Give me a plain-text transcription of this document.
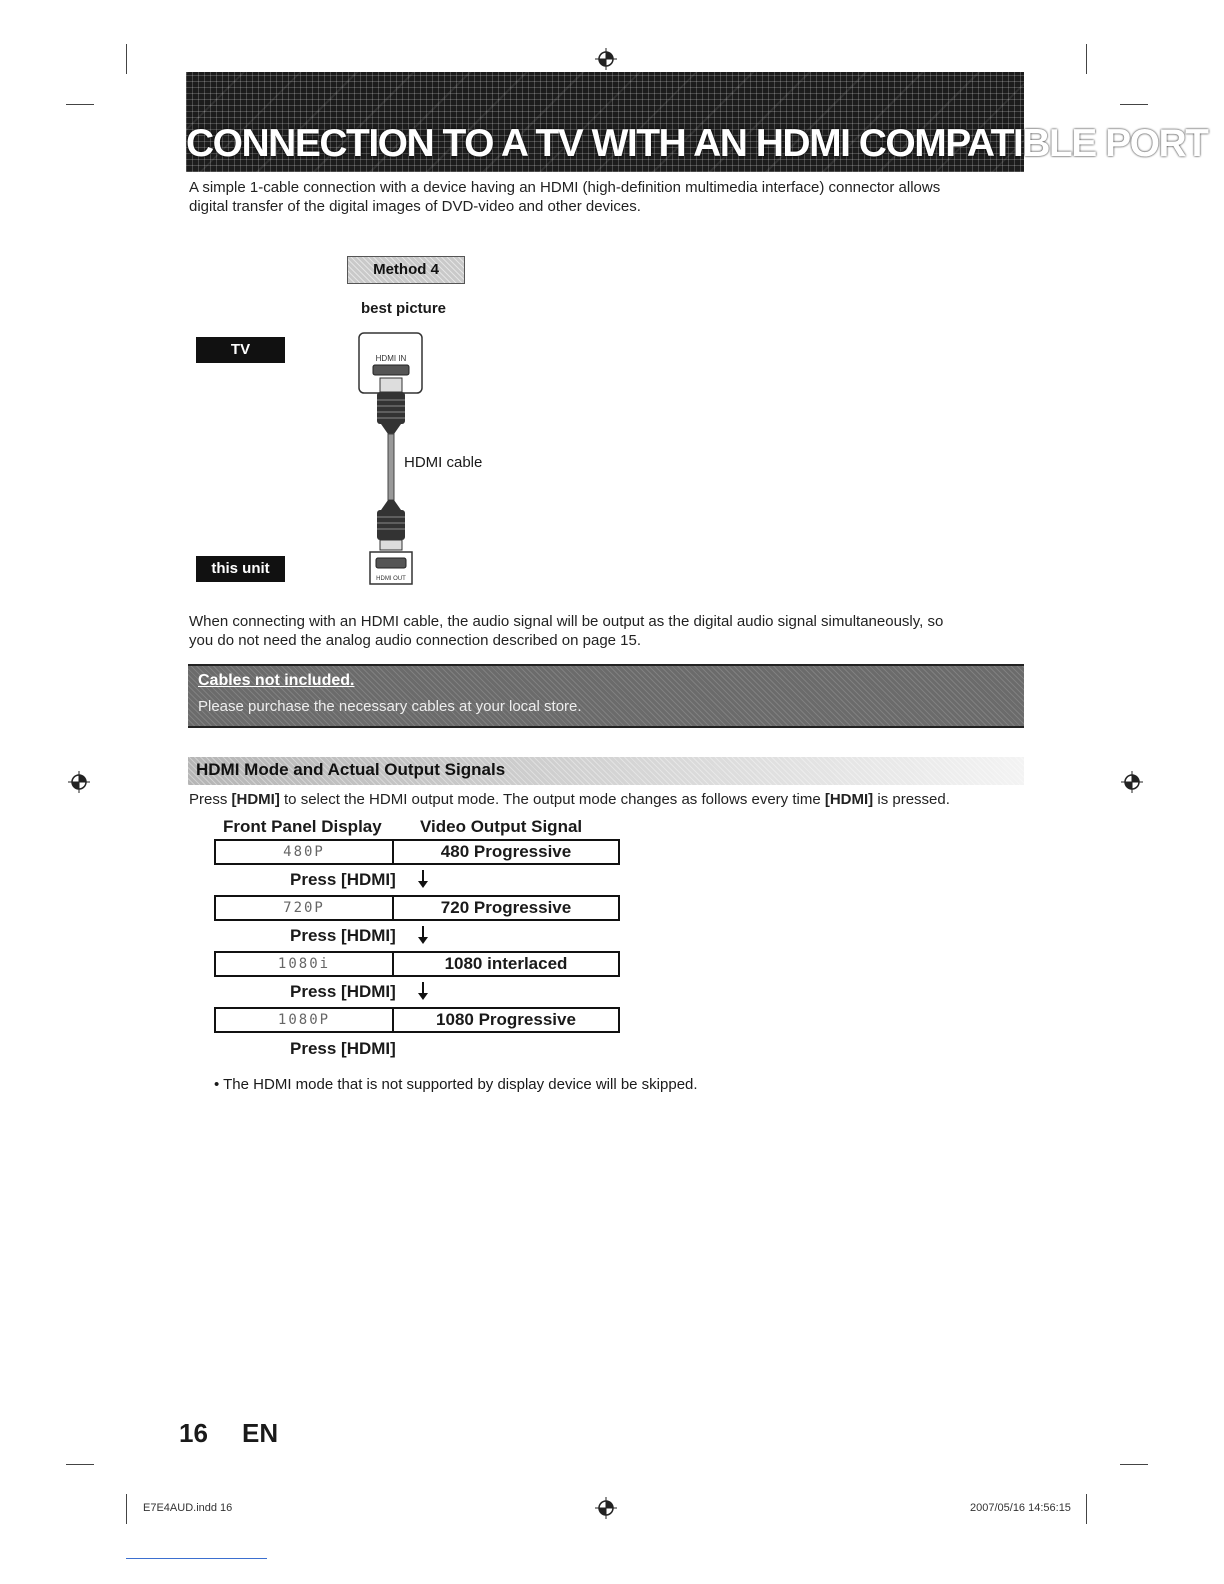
CONNECTION TO A TV WITH AN HDMI COMPATIBLE PORT
A simple 1-cable connection with a device having an HDMI (high-definition multimedia interface) connector allows
digital transfer of the digital images of DVD-video and other devices.
Method 4
best picture
TV
this unit
HDMI IN
HDMI OUT
HDMI cable
When connecting with an HDMI cable, the audio signal will be output as the digital audio signal simultaneously, so
you do not need the analog audio connection described on page 15.
Cables not included.
Please purchase the necessary cables at your local store.
HDMI Mode and Actual Output Signals
Press [HDMI] to select the HDMI output mode. The output mode changes as follows every time [HDMI] is pressed.
Front Panel Display Video Output Signal
480P	480 Progressive
Press [HDMI]
720P	720 Progressive
Press [HDMI]
1080i	1080 interlaced
Press [HDMI]
1080P	1080 Progressive
Press [HDMI]
• The HDMI mode that is not supported by display device will be skipped.
16 EN
E7E4AUD.indd 16	2007/05/16 14:56:15
